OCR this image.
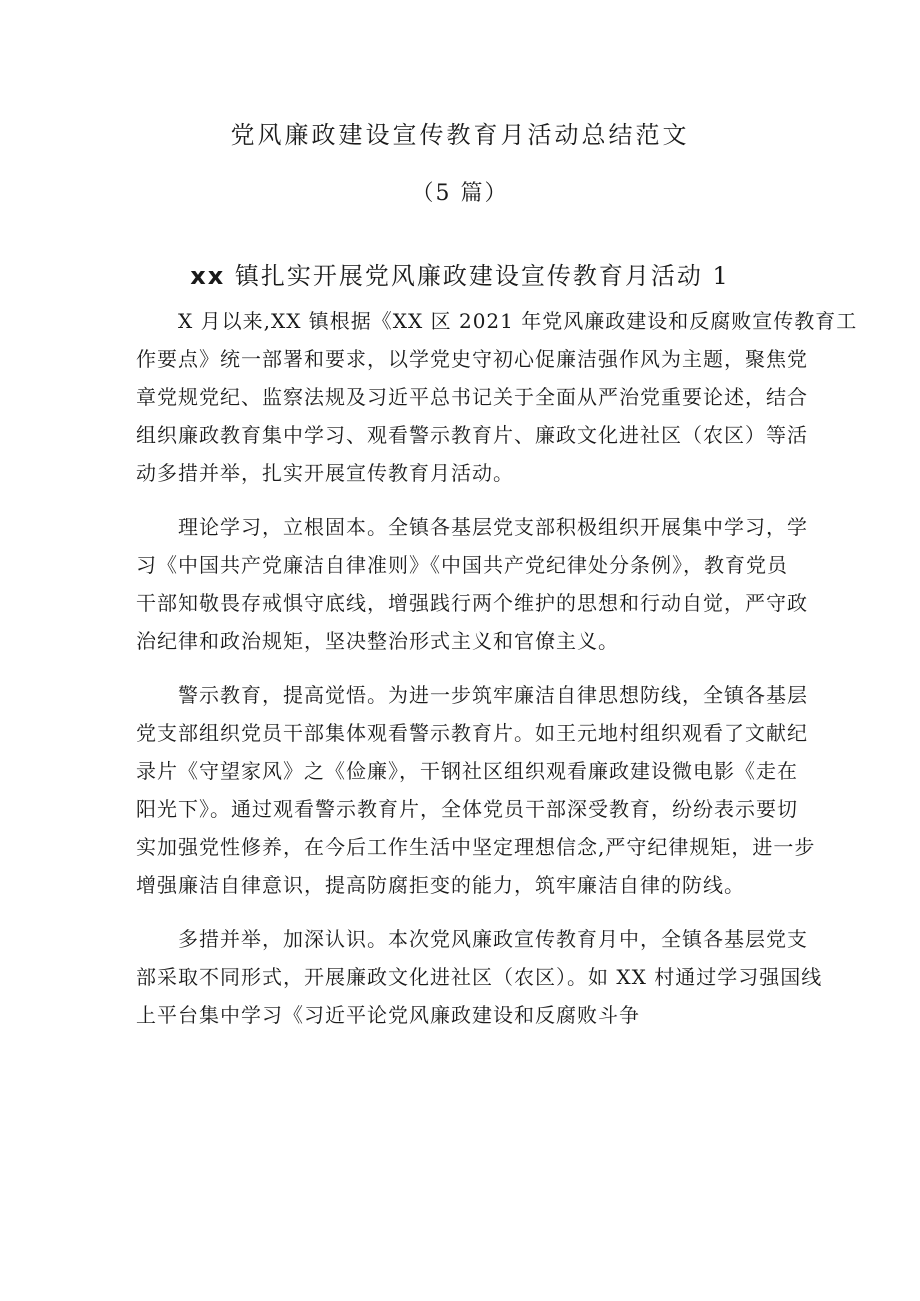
党风廉政建设宣传教育月活动总结范文
（5 篇）
xx 镇扎实开展党风廉政建设宣传教育月活动 1

X 月以来,XX 镇根据《XX 区 2021 年党风廉政建设和反腐败宣传教育工
作要点》统一部署和要求，以学党史守初心促廉洁强作风为主题，聚焦党
章党规党纪、监察法规及习近平总书记关于全面从严治党重要论述，结合
组织廉政教育集中学习、观看警示教育片、廉政文化进社区（农区）等活
动多措并举，扎实开展宣传教育月活动。

理论学习，立根固本。全镇各基层党支部积极组织开展集中学习，学
习《中国共产党廉洁自律准则》《中国共产党纪律处分条例》，教育党员
干部知敬畏存戒惧守底线，增强践行两个维护的思想和行动自觉，严守政
治纪律和政治规矩，坚决整治形式主义和官僚主义。

警示教育，提高觉悟。为进一步筑牢廉洁自律思想防线，全镇各基层
党支部组织党员干部集体观看警示教育片。如王元地村组织观看了文献纪
录片《守望家风》之《俭廉》，干钢社区组织观看廉政建设微电影《走在
阳光下》。通过观看警示教育片，全体党员干部深受教育，纷纷表示要切
实加强党性修养，在今后工作生活中坚定理想信念,严守纪律规矩，进一步
增强廉洁自律意识，提高防腐拒变的能力，筑牢廉洁自律的防线。

多措并举，加深认识。本次党风廉政宣传教育月中，全镇各基层党支
部采取不同形式，开展廉政文化进社区（农区）。如 XX 村通过学习强国线
上平台集中学习《习近平论党风廉政建设和反腐败斗争
